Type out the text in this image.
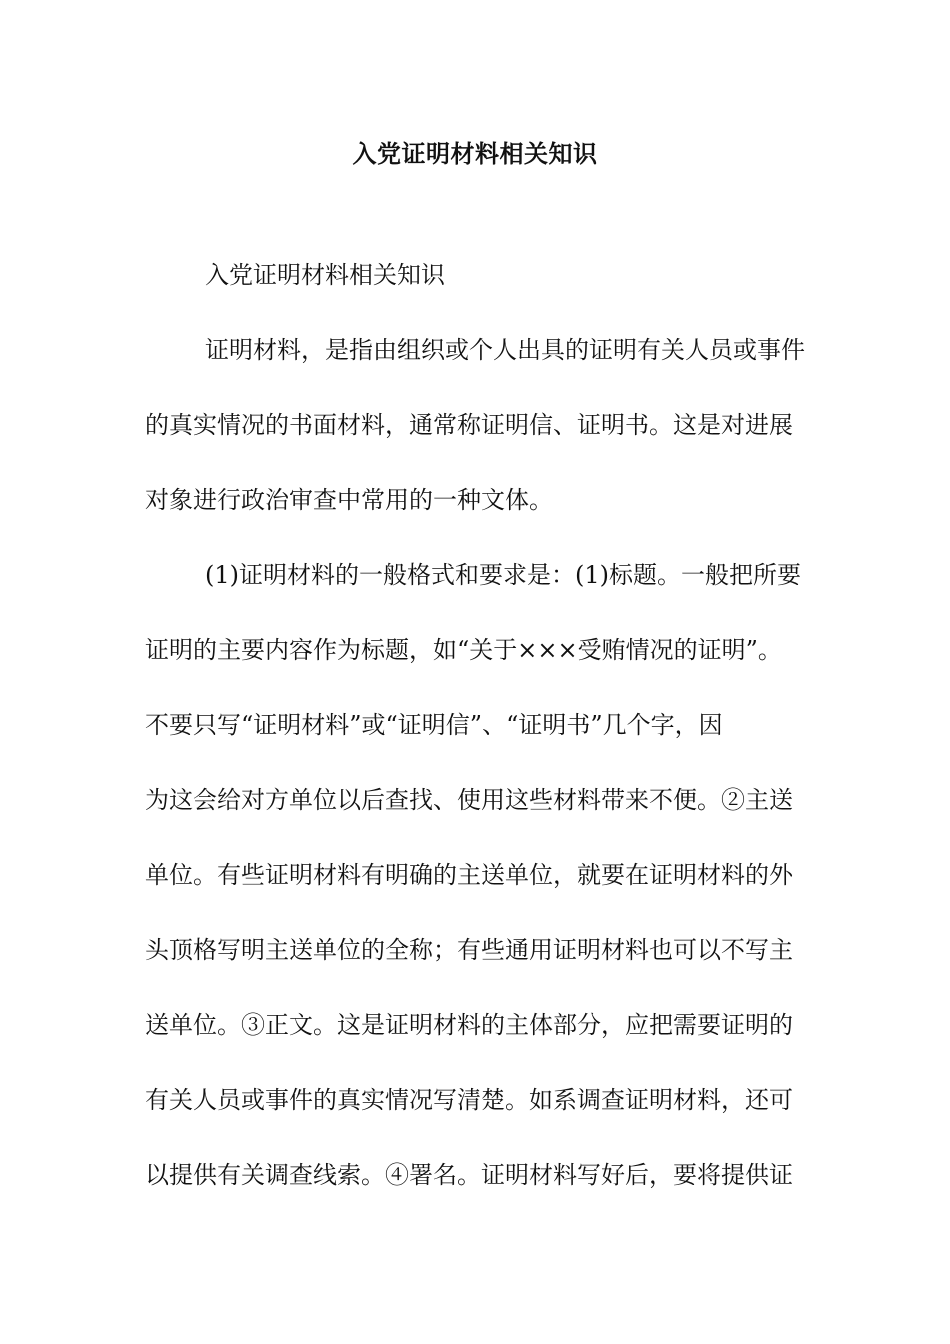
入党证明材料相关知识
入党证明材料相关知识
证明材料，是指由组织或个人出具的证明有关人员或事件
的真实情况的书面材料，通常称证明信、证明书。这是对进展
对象进行政治审查中常用的一种文体。
(1)证明材料的一般格式和要求是：(1)标题。一般把所要
证明的主要内容作为标题，如“关于×××受贿情况的证明”。
不要只写“证明材料”或“证明信”、“证明书”几个字，因
为这会给对方单位以后查找、使用这些材料带来不便。②主送
单位。有些证明材料有明确的主送单位，就要在证明材料的外
头顶格写明主送单位的全称；有些通用证明材料也可以不写主
送单位。③正文。这是证明材料的主体部分，应把需要证明的
有关人员或事件的真实情况写清楚。如系调查证明材料，还可
以提供有关调查线索。④署名。证明材料写好后，要将提供证
